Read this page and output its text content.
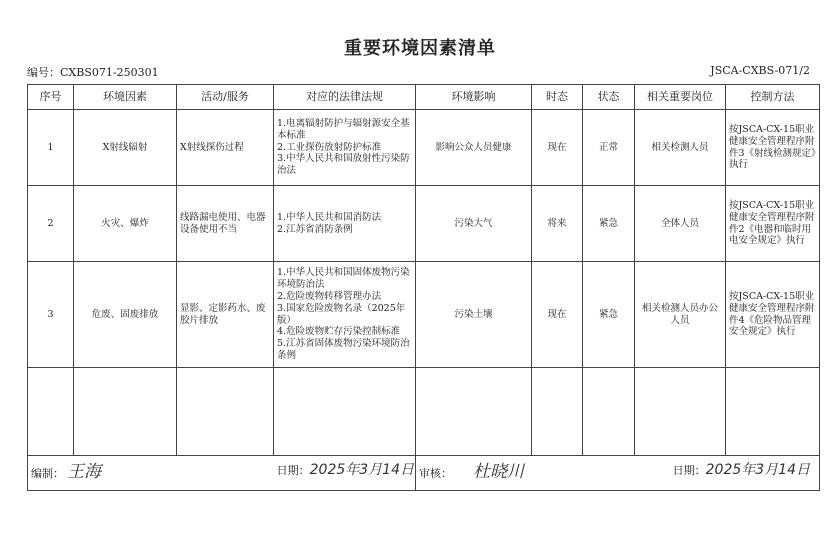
重要环境因素清单
编号：CXBS071-250301	JSCA-CXBS-071/2
序号	环境因素	活动/服务	对应的法律法规	环境影响	时态	状态	相关重要岗位	控制方法
1	X射线辐射	X射线探伤过程	1.电离辐射防护与辐射源安全基本标准
2.工业探伤放射防护标准
3.中华人民共和国放射性污染防治法	影响公众人员健康	现在	正常	相关检测人员	按JSCA-CX-15职业健康安全管理程序附件3《射线检测规定》执行
2	火灾、爆炸	线路漏电使用、电器设备使用不当	1.中华人民共和国消防法
2.江苏省消防条例	污染大气	将来	紧急	全体人员	按JSCA-CX-15职业健康安全管理程序附件2《电器和临时用电安全规定》执行
3	危废、固废排放	显影、定影药水、废胶片排放	1.中华人民共和国固体废物污染环境防治法
2.危险废物转移管理办法
3.国家危险废物名录（2025年版）
4.危险废物贮存污染控制标准
5.江苏省固体废物污染环境防治条例	污染土壤	现在	紧急	相关检测人员办公人员	按JSCA-CX-15职业健康安全管理程序附件4《危险物品管理安全规定》执行

编制： 王海 日期：2025年3月14日				审核： 杜晓川 日期：2025年3月14日				
